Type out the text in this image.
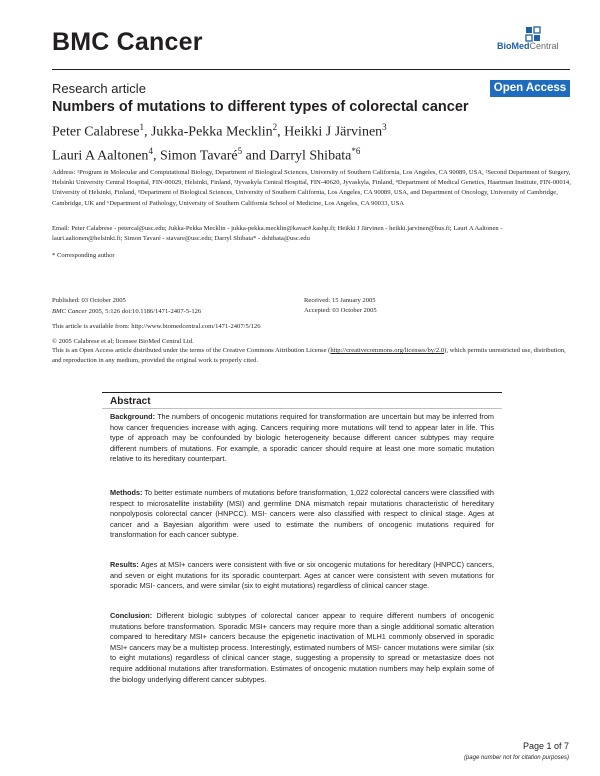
BMC Cancer	BioMedCentral
Research article	Open Access
Numbers of mutations to different types of colorectal cancer
Peter Calabrese$^1$, Jukka-Pekka Mecklin$^2$, Heikki J Järvinen$^3$
Lauri A Aaltonen$^4$, Simon Tavaré$^5$ and Darryl Shibata$^{*6}$
Address: ¹Program in Molecular and Computational Biology, Department of Biological Sciences, University of Southern California, Los Angeles, CA 90089, USA, ²Second Department of Surgery, Helsinki University Central Hospital, FIN-00029, Helsinki, Finland, ³Jyvaskyla Central Hospital, FIN-40620, Jyvaskyla, Finland, ⁴Department of Medical Genetics, Haartman Institute, FIN-00014, University of Helsinki, Finland, ⁵Department of Biological Sciences, University of Southern California, Los Angeles, CA 90089, USA, and Department of Oncology, University of Cambridge, Cambridge, UK and ⁶Department of Pathology, University of Southern California School of Medicine, Los Angeles, CA 90033, USA
Email: Peter Calabrese - petercal@usc.edu; Jukka-Pekka Mecklin - jukka-pekka.mecklin@kavac#.kashp.fi; Heikki J Järvinen - heikki.jarvinen@hus.fi; Lauri A Aaltonen - lauri.aaltonen@helsinki.fi; Simon Tavaré - stavare@usc.edu; Darryl Shibata* - dshibata@usc.edu
* Corresponding author
Published: 03 October 2005	Received: 15 January 2005
Accepted: 03 October 2005
BMC Cancer 2005, 5:126 doi:10.1186/1471-2407-5-126
This article is available from: http://www.biomedcentral.com/1471-2407/5/126
© 2005 Calabrese et al; licensee BioMed Central Ltd.
This is an Open Access article distributed under the terms of the Creative Commons Attribution License (http://creativecommons.org/licenses/by/2.0), which permits unrestricted use, distribution, and reproduction in any medium, provided the original work is properly cited.
Abstract
Background: The numbers of oncogenic mutations required for transformation are uncertain but may be inferred from how cancer frequencies increase with aging. Cancers requiring more mutations will tend to appear later in life. This type of approach may be confounded by biologic heterogeneity because different cancer subtypes may require different numbers of mutations. For example, a sporadic cancer should require at least one more somatic mutation relative to its hereditary counterpart.
Methods: To better estimate numbers of mutations before transformation, 1,022 colorectal cancers were classified with respect to microsatellite instability (MSI) and germline DNA mismatch repair mutations characteristic of hereditary nonpolyposis colorectal cancer (HNPCC). MSI- cancers were also classified with respect to clinical stage. Ages at cancer and a Bayesian algorithm were used to estimate the numbers of oncogenic mutations required for transformation for each cancer subtype.
Results: Ages at MSI+ cancers were consistent with five or six oncogenic mutations for hereditary (HNPCC) cancers, and seven or eight mutations for its sporadic counterpart. Ages at cancer were consistent with seven mutations for sporadic MSI- cancers, and were similar (six to eight mutations) regardless of clinical cancer stage.
Conclusion: Different biologic subtypes of colorectal cancer appear to require different numbers of oncogenic mutations before transformation. Sporadic MSI+ cancers may require more than a single additional somatic alteration compared to hereditary MSI+ cancers because the epigenetic inactivation of MLH1 commonly observed in sporadic MSI+ cancers may be a multistep process. Interestingly, estimated numbers of MSI- cancer mutations were similar (six to eight mutations) regardless of clinical cancer stage, suggesting a propensity to spread or metastasize does not require additional mutations after transformation. Estimates of oncogenic mutation numbers may help explain some of the biology underlying different cancer subtypes.
Page 1 of 7
(page number not for citation purposes)
